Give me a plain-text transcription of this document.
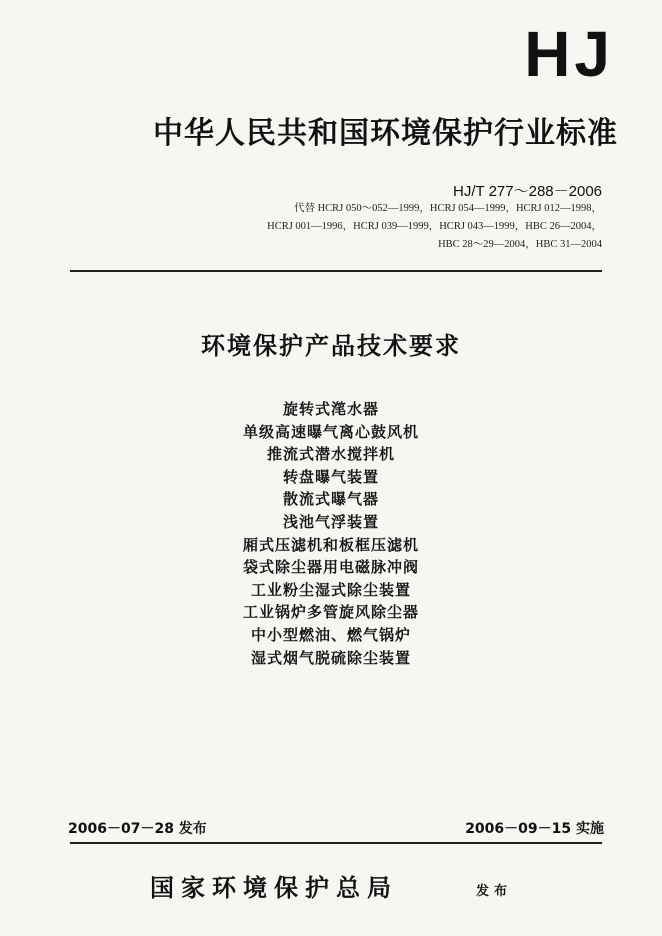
HJ
中华人民共和国环境保护行业标准
HJ/T 277～288－2006
代替 HCRJ 050～052—1999，HCRJ 054—1999，HCRJ 012—1998，
HCRJ 001—1996，HCRJ 039—1999，HCRJ 043—1999，HBC 26—2004，
HBC 28～29—2004，HBC 31—2004
环境保护产品技术要求
旋转式滗水器
单级高速曝气离心鼓风机
推流式潜水搅拌机
转盘曝气装置
散流式曝气器
浅池气浮装置
厢式压滤机和板框压滤机
袋式除尘器用电磁脉冲阀
工业粉尘湿式除尘装置
工业锅炉多管旋风除尘器
中小型燃油、燃气锅炉
湿式烟气脱硫除尘装置
2006－07－28 发布	2006－09－15 实施
国家环境保护总局	发布
